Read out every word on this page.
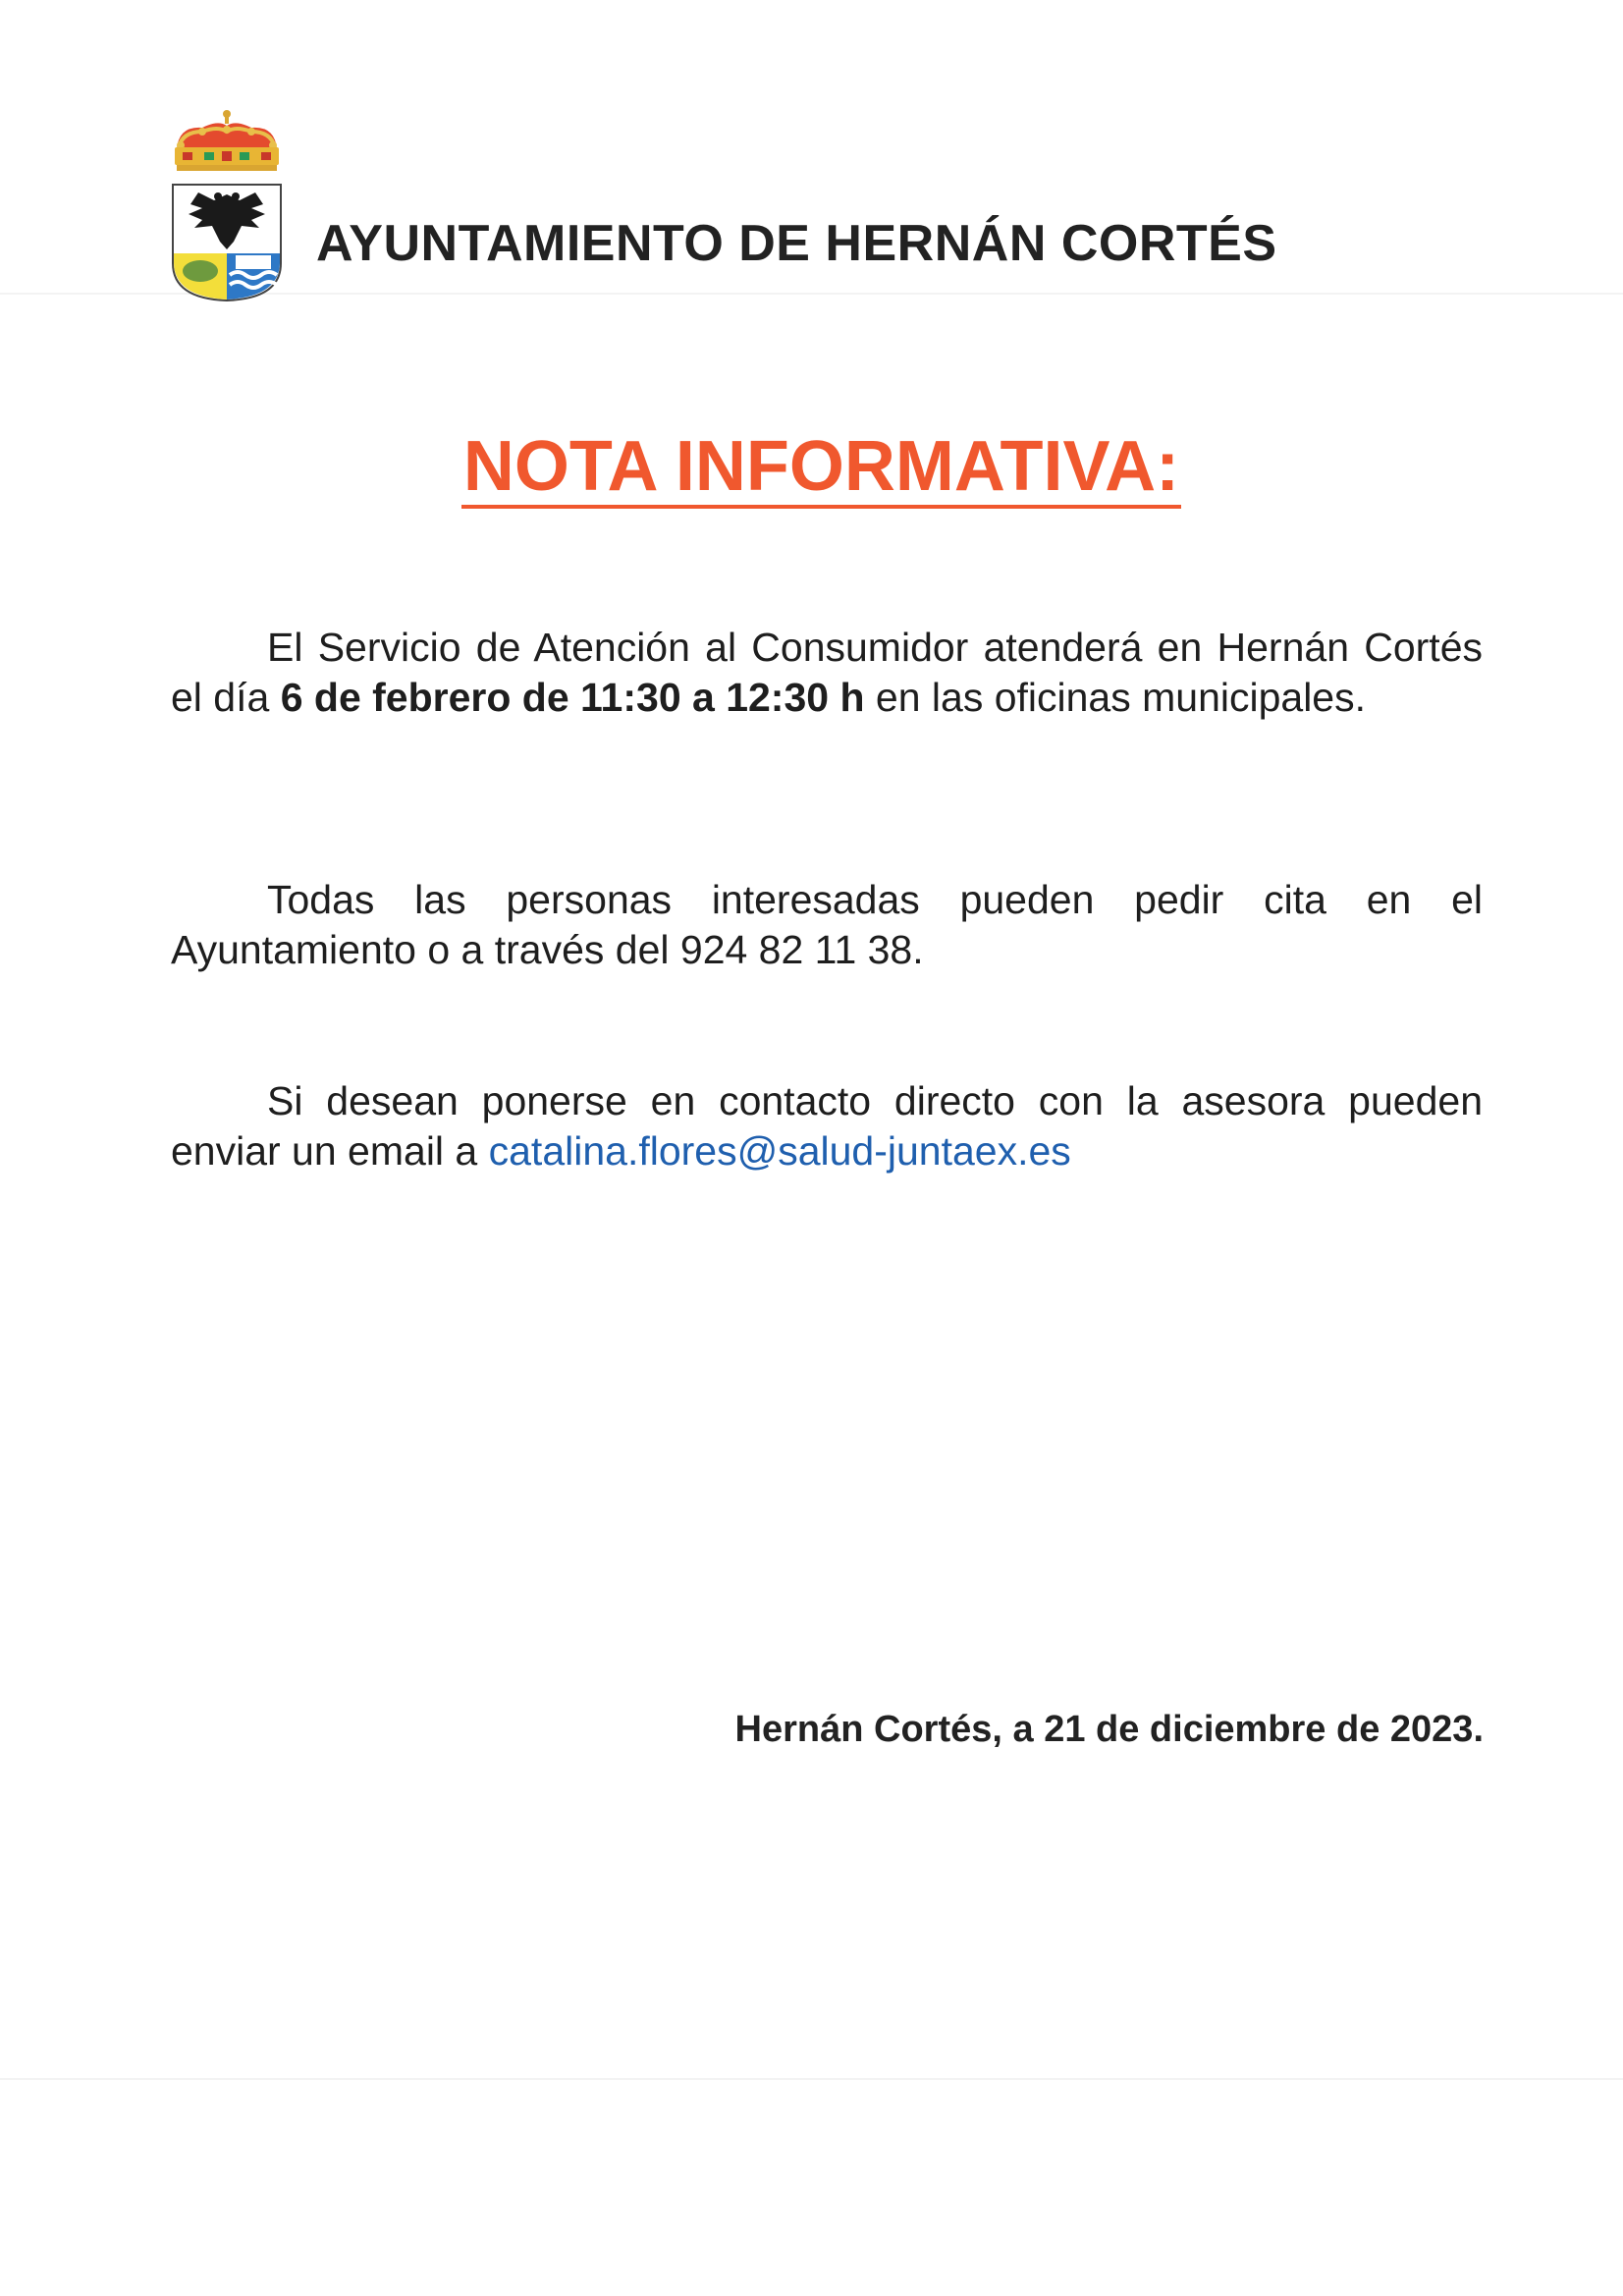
AYUNTAMIENTO DE HERNÁN CORTÉS
NOTA INFORMATIVA:
El Servicio de Atención al Consumidor atenderá en Hernán Cortés el día 6 de febrero de 11:30 a 12:30 h en las oficinas municipales.
Todas las personas interesadas pueden pedir cita en el Ayuntamiento o a través del 924 82 11 38.
Si desean ponerse en contacto directo con la asesora pueden enviar un email a catalina.flores@salud-juntaex.es
Hernán Cortés, a 21 de diciembre de 2023.
